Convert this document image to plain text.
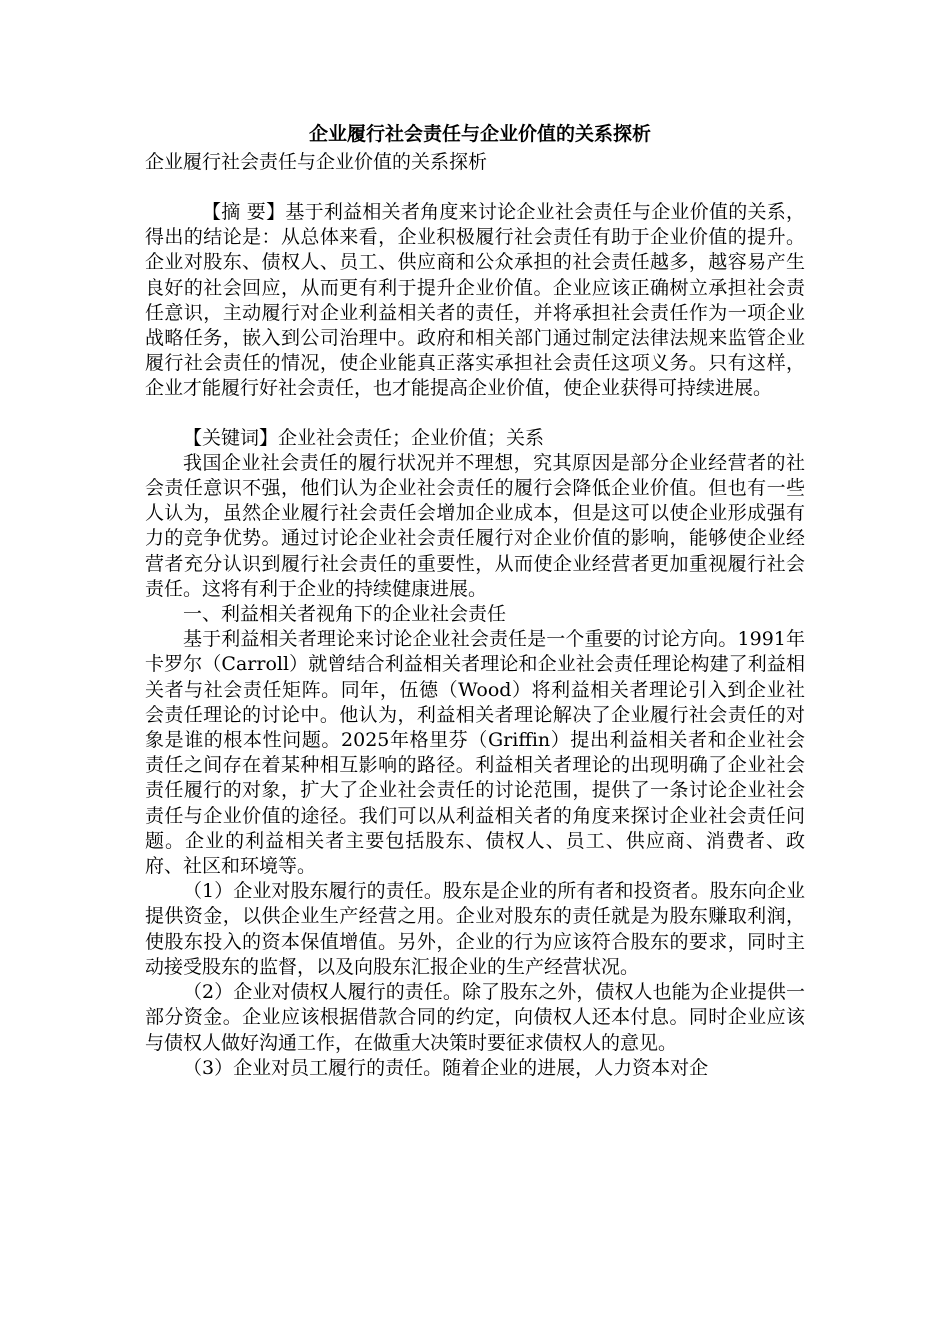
企业履行社会责任与企业价值的关系探析
企业履行社会责任与企业价值的关系探析

【摘 要】基于利益相关者角度来讨论企业社会责任与企业价值的关系，得出的结论是：从总体来看，企业积极履行社会责任有助于企业价值的提升。企业对股东、债权人、员工、供应商和公众承担的社会责任越多，越容易产生良好的社会回应，从而更有利于提升企业价值。企业应该正确树立承担社会责任意识，主动履行对企业利益相关者的责任，并将承担社会责任作为一项企业战略任务，嵌入到公司治理中。政府和相关部门通过制定法律法规来监管企业履行社会责任的情况，使企业能真正落实承担社会责任这项义务。只有这样，企业才能履行好社会责任，也才能提高企业价值，使企业获得可持续进展。

【关键词】企业社会责任；企业价值；关系

我国企业社会责任的履行状况并不理想，究其原因是部分企业经营者的社会责任意识不强，他们认为企业社会责任的履行会降低企业价值。但也有一些人认为，虽然企业履行社会责任会增加企业成本，但是这可以使企业形成强有力的竞争优势。通过讨论企业社会责任履行对企业价值的影响，能够使企业经营者充分认识到履行社会责任的重要性，从而使企业经营者更加重视履行社会责任。这将有利于企业的持续健康进展。

一、利益相关者视角下的企业社会责任

基于利益相关者理论来讨论企业社会责任是一个重要的讨论方向。1991年卡罗尔（Carroll）就曾结合利益相关者理论和企业社会责任理论构建了利益相关者与社会责任矩阵。同年，伍德（Wood）将利益相关者理论引入到企业社会责任理论的讨论中。他认为，利益相关者理论解决了企业履行社会责任的对象是谁的根本性问题。2025年格里芬（Griffin）提出利益相关者和企业社会责任之间存在着某种相互影响的路径。利益相关者理论的出现明确了企业社会责任履行的对象，扩大了企业社会责任的讨论范围，提供了一条讨论企业社会责任与企业价值的途径。我们可以从利益相关者的角度来探讨企业社会责任问题。企业的利益相关者主要包括股东、债权人、员工、供应商、消费者、政府、社区和环境等。

（1）企业对股东履行的责任。股东是企业的所有者和投资者。股东向企业提供资金，以供企业生产经营之用。企业对股东的责任就是为股东赚取利润，使股东投入的资本保值增值。另外，企业的行为应该符合股东的要求，同时主动接受股东的监督，以及向股东汇报企业的生产经营状况。

（2）企业对债权人履行的责任。除了股东之外，债权人也能为企业提供一部分资金。企业应该根据借款合同的约定，向债权人还本付息。同时企业应该与债权人做好沟通工作，在做重大决策时要征求债权人的意见。

（3）企业对员工履行的责任。随着企业的进展，人力资本对企
